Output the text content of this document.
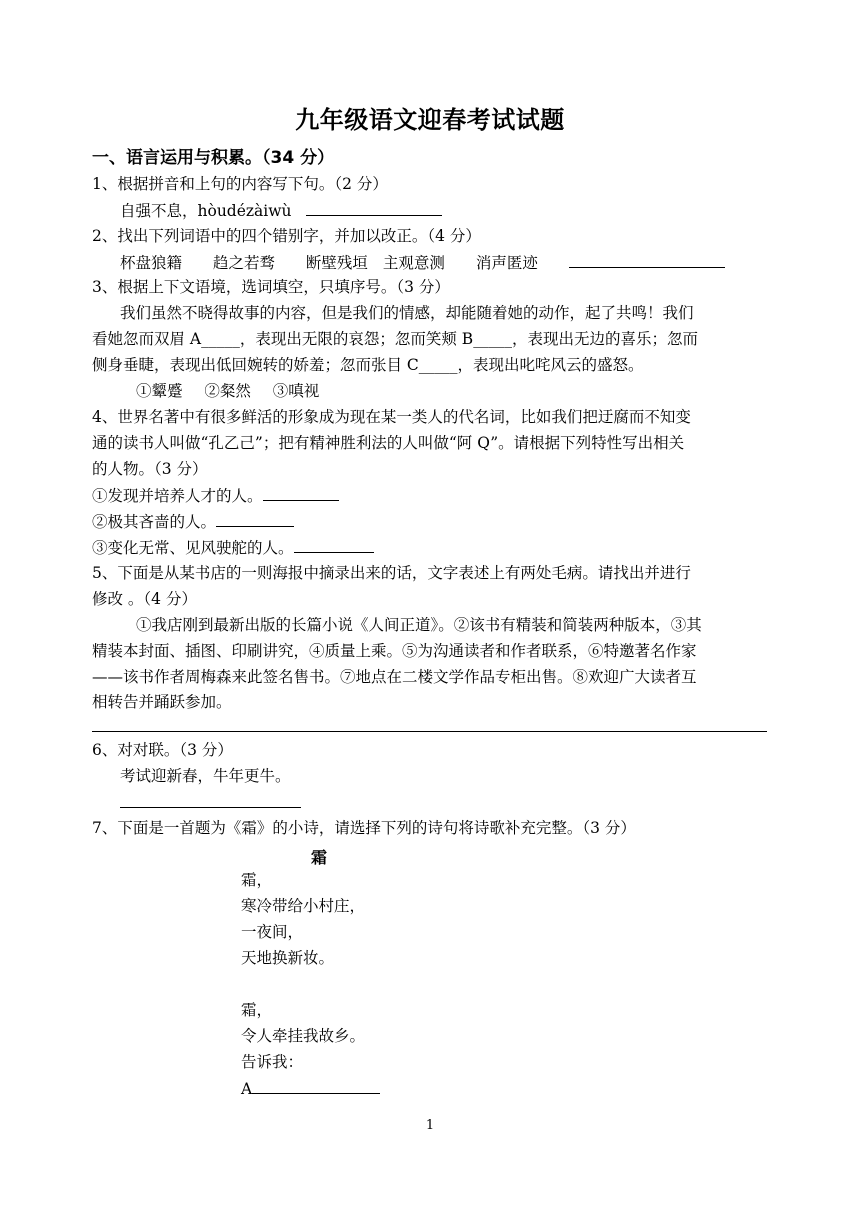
九年级语文迎春考试试题
一、语言运用与积累。（34 分）
1、根据拼音和上句的内容写下句。（2 分）
自强不息，hòudézàiwù
2、找出下列词语中的四个错别字，并加以改正。（4 分）
杯盘狼籍 趋之若骛 断壁残垣 主观意测 消声匿迹
3、根据上下文语境，选词填空，只填序号。（3 分）
我们虽然不晓得故事的内容，但是我们的情感，却能随着她的动作，起了共鸣！我们
看她忽而双眉 A_____，表现出无限的哀怨；忽而笑颊 B_____，表现出无边的喜乐；忽而
侧身垂睫，表现出低回婉转的娇羞；忽而张目 C_____，表现出叱咤风云的盛怒。
①颦蹙 ②粲然 ③嗔视
4、世界名著中有很多鲜活的形象成为现在某一类人的代名词，比如我们把迂腐而不知变
通的读书人叫做“孔乙己”；把有精神胜利法的人叫做“阿 Q”。请根据下列特性写出相关
的人物。（3 分）
①发现并培养人才的人。
②极其吝啬的人。
③变化无常、见风驶舵的人。
5、下面是从某书店的一则海报中摘录出来的话，文字表述上有两处毛病。请找出并进行
修改 。（4 分）
①我店刚到最新出版的长篇小说《人间正道》。②该书有精装和简装两种版本，③其
精装本封面、插图、印刷讲究，④质量上乘。⑤为沟通读者和作者联系，⑥特邀著名作家
——该书作者周梅森来此签名售书。⑦地点在二楼文学作品专柜出售。⑧欢迎广大读者互
相转告并踊跃参加。
6、对对联。（3 分）
考试迎新春，牛年更牛。
7、下面是一首题为《霜》的小诗，请选择下列的诗句将诗歌补充完整。（3 分）
霜
霜，
寒冷带给小村庄，
一夜间，
天地换新妆。
霜，
令人牵挂我故乡。
告诉我：
A
1
